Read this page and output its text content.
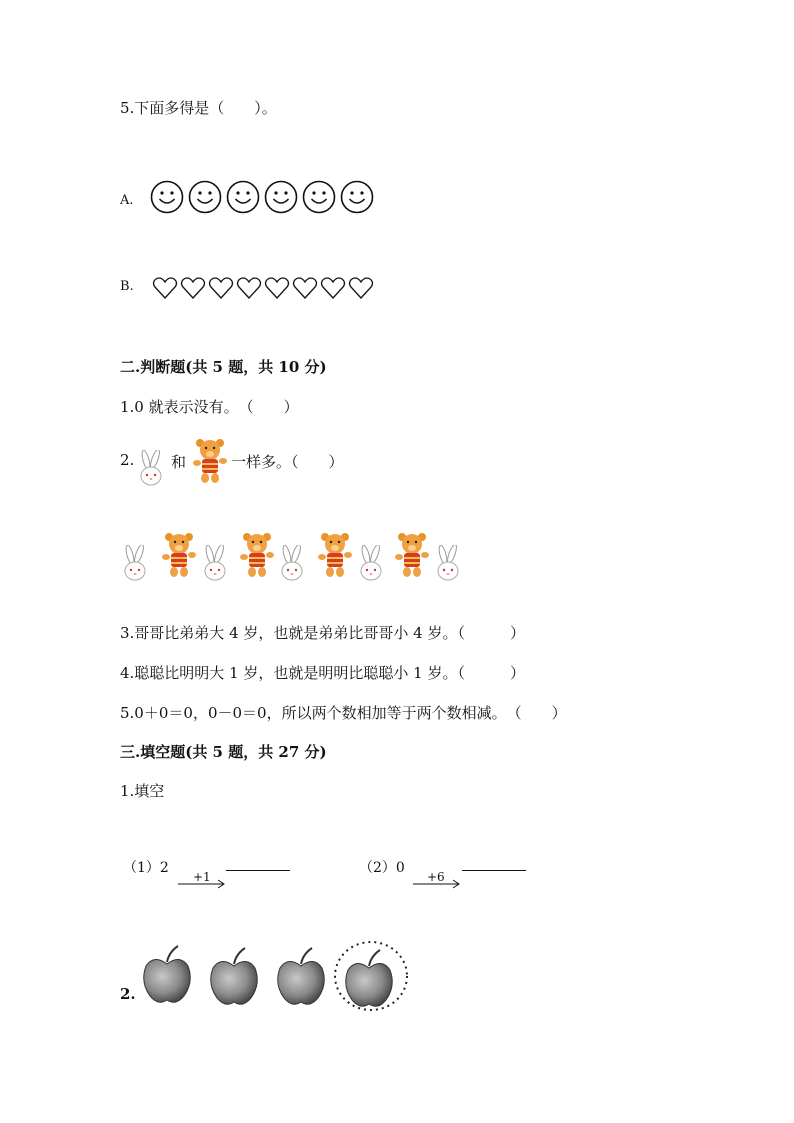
5.下面多得是（　　）。
A.
B.
二.判断题(共 5 题，共 10 分)
1.0 就表示没有。　（　　）
2. 和	一样多。（　　）
3.哥哥比弟弟大 4 岁，也就是弟弟比哥哥小 4 岁。（　　　）
4.聪聪比明明大 1 岁，也就是明明比聪聪小 1 岁。（　　　）
5.0＋0＝0，0－0＝0，所以两个数相加等于两个数相减。　（　　）
三.填空题(共 5 题，共 27 分)
1.填空
（1）2
+1
（2）0
+6
2.
